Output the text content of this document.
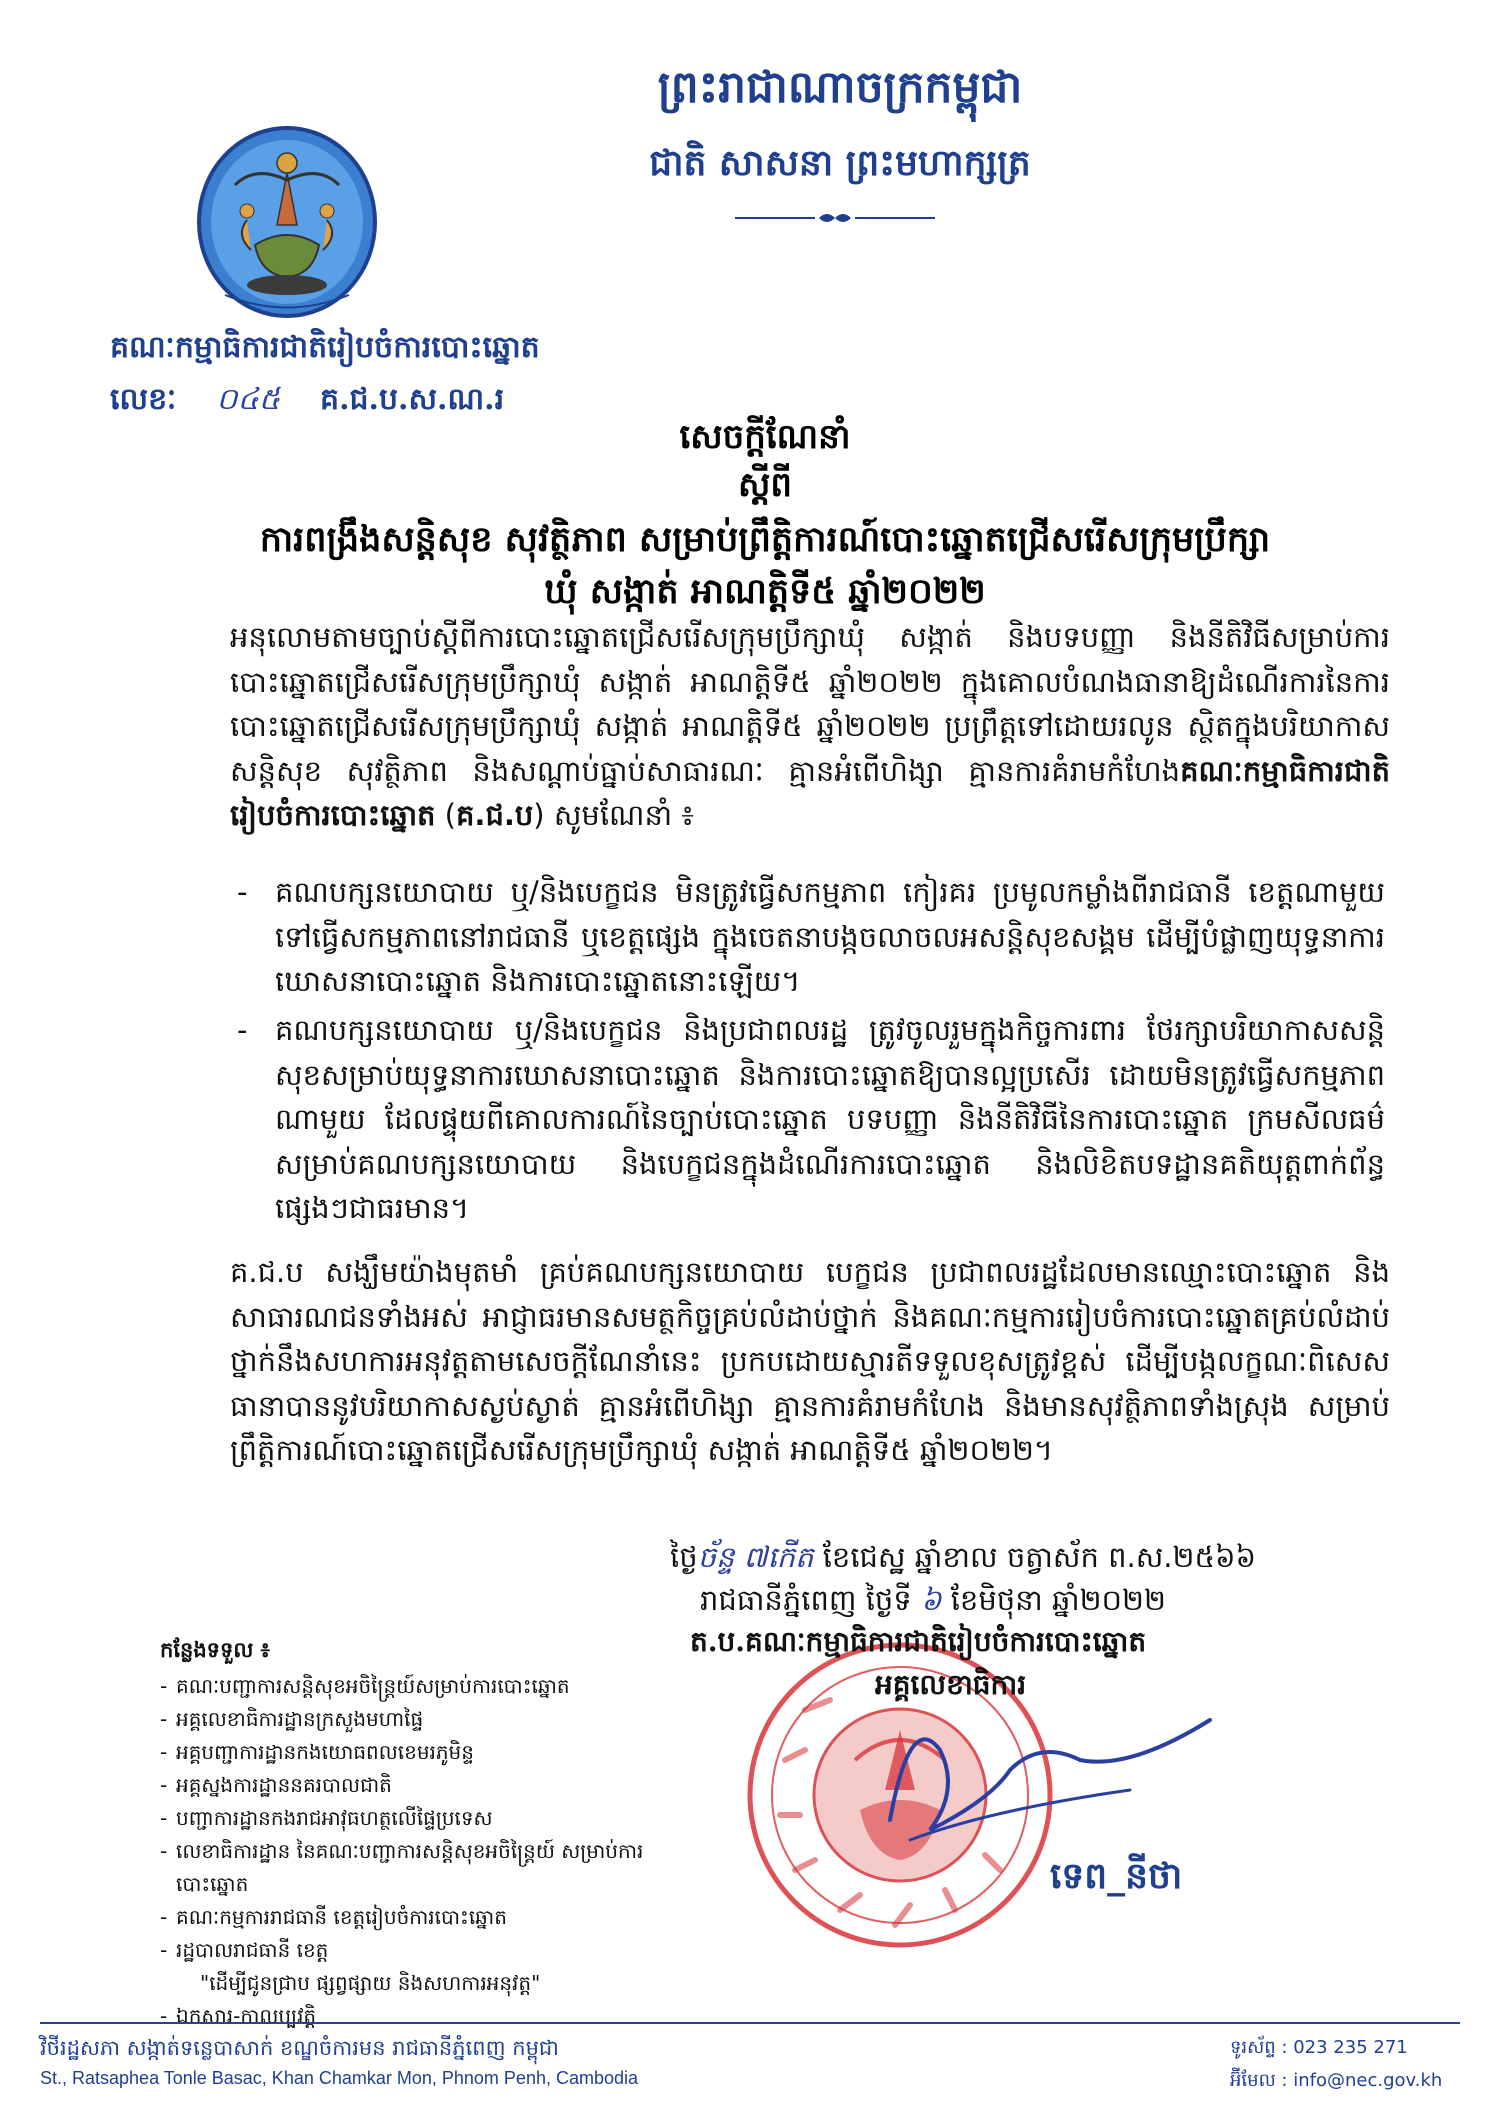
ព្រះរាជាណាចក្រកម្ពុជា
ជាតិ សាសនា ព្រះមហាក្សត្រ
គណៈកម្មាធិការជាតិរៀបចំការបោះឆ្នោត
លេខៈ ០៤៥ គ.ជ.ប.ស.ណ.រ
សេចក្ដីណែនាំ
ស្ដីពី
ការពង្រឹងសន្ដិសុខ សុវត្ថិភាព សម្រាប់ព្រឹត្តិការណ៍បោះឆ្នោតជ្រើសរើសក្រុមប្រឹក្សា
ឃុំ សង្កាត់ អាណត្តិទី៥ ឆ្នាំ២០២២
អនុលោមតាមច្បាប់ស្ដីពីការបោះឆ្នោតជ្រើសរើសក្រុមប្រឹក្សាឃុំ សង្កាត់ និងបទបញ្ញា និងនីតិវិធីសម្រាប់ការបោះឆ្នោតជ្រើសរើសក្រុមប្រឹក្សាឃុំ សង្កាត់ អាណត្តិទី៥ ឆ្នាំ២០២២ ក្នុងគោលបំណងធានាឱ្យដំណើរការនៃការបោះឆ្នោតជ្រើសរើសក្រុមប្រឹក្សាឃុំ សង្កាត់ អាណត្តិទី៥ ឆ្នាំ២០២២ ប្រព្រឹត្តទៅដោយរលូន ស្ថិតក្នុងបរិយាកាសសន្តិសុខ សុវត្ថិភាព និងសណ្ដាប់ធ្នាប់សាធារណៈ គ្មានអំពើហិង្សា គ្មានការគំរាមកំហែងគណៈកម្មាធិការជាតិរៀបចំការបោះឆ្នោត (គ.ជ.ប) សូមណែនាំ ៖
- គណបក្សនយោបាយ ឬ/និងបេក្ខជន មិនត្រូវធ្វើសកម្មភាព កៀរគរ ប្រមូលកម្លាំងពីរាជធានី ខេត្តណាមួយ ទៅធ្វើសកម្មភាពនៅរាជធានី ឬខេត្តផ្សេង ក្នុងចេតនាបង្កចលាចលអសន្តិសុខសង្គម ដើម្បីបំផ្លាញយុទ្ធនាការឃោសនាបោះឆ្នោត និងការបោះឆ្នោតនោះឡើយ។
- គណបក្សនយោបាយ ឬ/និងបេក្ខជន និងប្រជាពលរដ្ឋ ត្រូវចូលរួមក្នុងកិច្ចការពារ ថែរក្សាបរិយាកាសសន្តិសុខសម្រាប់យុទ្ធនាការឃោសនាបោះឆ្នោត និងការបោះឆ្នោតឱ្យបានល្អប្រសើរ ដោយមិនត្រូវធ្វើសកម្មភាពណាមួយ ដែលផ្ទុយពីគោលការណ៍នៃច្បាប់បោះឆ្នោត បទបញ្ញា និងនីតិវិធីនៃការបោះឆ្នោត ក្រមសីលធម៌សម្រាប់គណបក្សនយោបាយ និងបេក្ខជនក្នុងដំណើរការបោះឆ្នោត និងលិខិតបទដ្ឋានគតិយុត្តពាក់ព័ន្ធផ្សេងៗជាធរមាន។
គ.ជ.ប សង្ឃឹមយ៉ាងមុតមាំ គ្រប់គណបក្សនយោបាយ បេក្ខជន ប្រជាពលរដ្ឋដែលមានឈ្មោះបោះឆ្នោត និងសាធារណជនទាំងអស់ អាជ្ញាធរមានសមត្ថកិច្ចគ្រប់លំដាប់ថ្នាក់ និងគណៈកម្មការរៀបចំការបោះឆ្នោតគ្រប់លំដាប់ថ្នាក់នឹងសហការអនុវត្តតាមសេចក្ដីណែនាំនេះ ប្រកបដោយស្មារតីទទួលខុសត្រូវខ្ពស់ ដើម្បីបង្កលក្ខណៈពិសេសធានាបាននូវបរិយាកាសស្ងប់ស្ងាត់ គ្មានអំពើហិង្សា គ្មានការគំរាមកំហែង និងមានសុវត្ថិភាពទាំងស្រុង សម្រាប់ព្រឹត្តិការណ៍បោះឆ្នោតជ្រើសរើសក្រុមប្រឹក្សាឃុំ សង្កាត់ អាណត្តិទី៥ ឆ្នាំ២០២២។
ថ្ងៃច័ន្ទ ៧កើត ខែជេស្ឋ ឆ្នាំខាល ចត្វាស័ក ព.ស.២៥៦៦
រាជធានីភ្នំពេញ ថ្ងៃទី ៦ ខែមិថុនា ឆ្នាំ២០២២
ត.ប.គណៈកម្មាធិការជាតិរៀបចំការបោះឆ្នោត
អគ្គលេខាធិការ
ទេព_នីថា
កន្លែងទទួល ៖
- គណៈបញ្ជាការសន្តិសុខអចិន្ត្រៃយ៍សម្រាប់ការបោះឆ្នោត
- អគ្គលេខាធិការដ្ឋានក្រសួងមហាផ្ទៃ
- អគ្គបញ្ជាការដ្ឋានកងយោធពលខេមរភូមិន្ទ
- អគ្គស្នងការដ្ឋាននគរបាលជាតិ
- បញ្ជាការដ្ឋានកងរាជអាវុធហត្ថលើផ្ទៃប្រទេស
- លេខាធិការដ្ឋាន នៃគណៈបញ្ជាការសន្តិសុខអចិន្ត្រៃយ៍ សម្រាប់ការបោះឆ្នោត
- គណៈកម្មការរាជធានី ខេត្តរៀបចំការបោះឆ្នោត
- រដ្ឋបាលរាជធានី ខេត្ត
"ដើម្បីជូនជ្រាប ផ្សព្វផ្សាយ និងសហការអនុវត្ត"
- ឯកសារ-កាលប្បវត្តិ
វិថីរដ្ឋសភា សង្កាត់ទន្លេបាសាក់ ខណ្ឌចំការមន រាជធានីភ្នំពេញ កម្ពុជា
St., Ratsaphea Tonle Basac, Khan Chamkar Mon, Phnom Penh, Cambodia
ទូរស័ព្ទ : 023 235 271
អ៊ីមែល : info@nec.gov.kh
